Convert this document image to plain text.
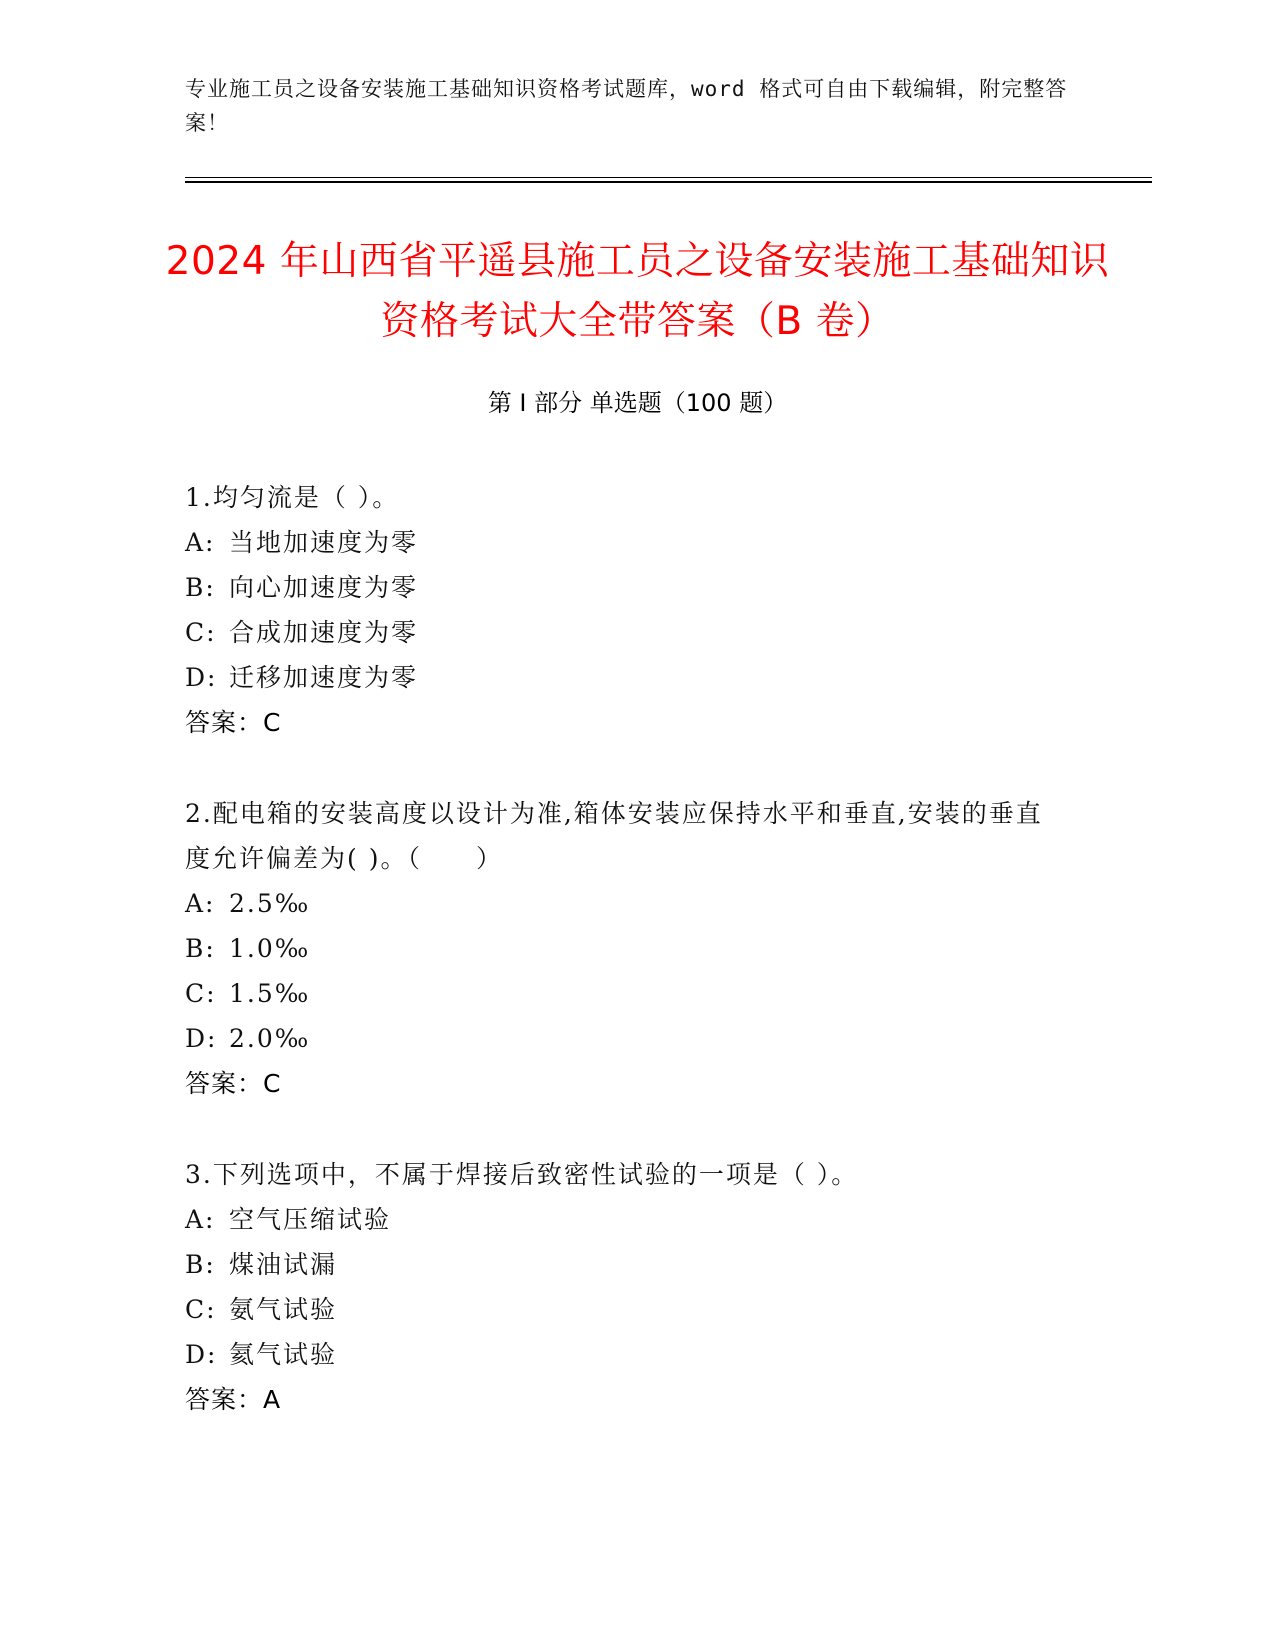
专业施工员之设备安装施工基础知识资格考试题库，word 格式可自由下载编辑，附完整答案！
2024 年山西省平遥县施工员之设备安装施工基础知识资格考试大全带答案（B 卷）
第 I 部分 单选题（100 题）

1.均匀流是（ ）。

A: 当地加速度为零

B: 向心加速度为零

C: 合成加速度为零

D: 迁移加速度为零

答案：C

2.配电箱的安装高度以设计为准,箱体安装应保持水平和垂直,安装的垂直度允许偏差为( )。（　　）

A: 2.5‰

B: 1.0‰

C: 1.5‰

D: 2.0‰

答案：C

3.下列选项中，不属于焊接后致密性试验的一项是（ ）。

A: 空气压缩试验

B: 煤油试漏

C: 氨气试验

D: 氦气试验

答案：A
